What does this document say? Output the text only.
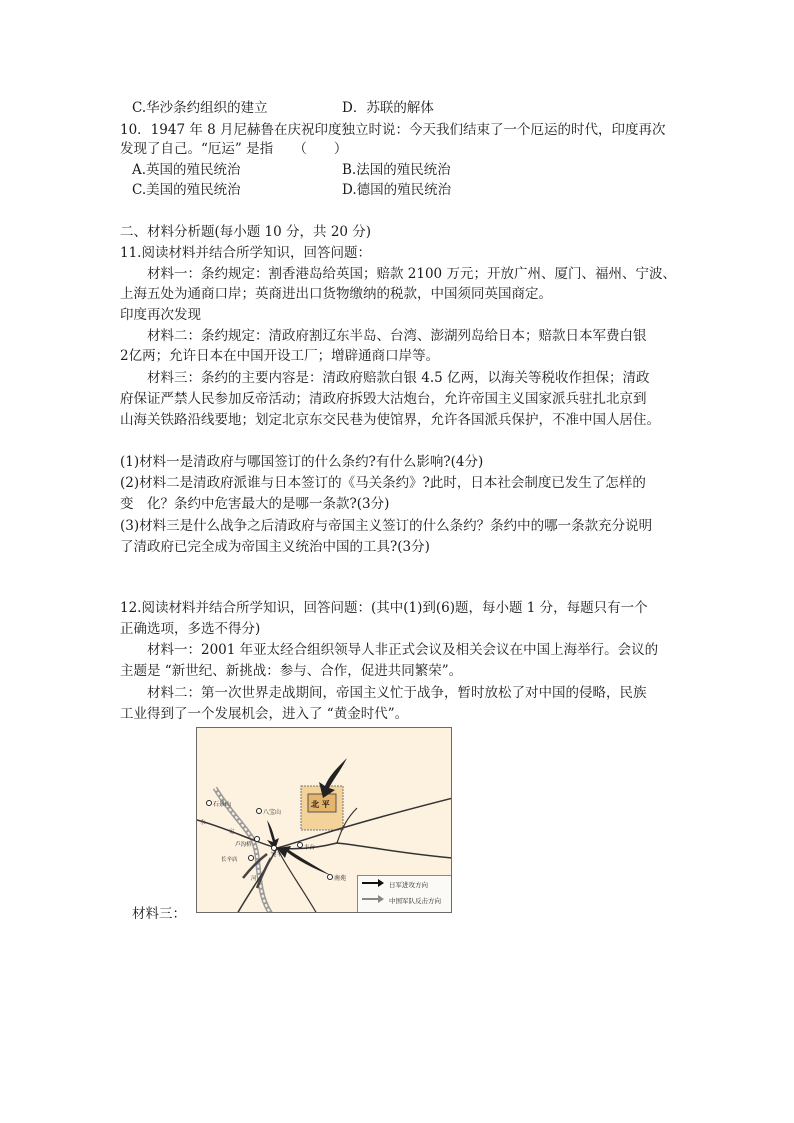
C.华沙条约组织的建立	D．苏联的解体
10．1947 年 8 月尼赫鲁在庆祝印度独立时说：今天我们结束了一个厄运的时代，印度再次
发现了自己。“厄运” 是指　　（　　）
A.英国的殖民统治	B.法国的殖民统治
C.美国的殖民统治	D.德国的殖民统治
二、材料分析题(每小题 10 分，共 20 分)
11.阅读材料并结合所学知识，回答问题：
材料一：条约规定：割香港岛给英国；赔款 2100 万元；开放广州、厦门、福州、宁波、
上海五处为通商口岸；英商进出口货物缴纳的税款，中国须同英国商定。
印度再次发现
材料二：条约规定：清政府割辽东半岛、台湾、澎湖列岛给日本；赔款日本军费白银
2亿两；允许日本在中国开设工厂；增辟通商口岸等。
材料三：条约的主要内容是：清政府赔款白银 4.5 亿两，以海关等税收作担保；清政
府保证严禁人民参加反帝活动；清政府拆毁大沽炮台，允许帝国主义国家派兵驻扎北京到
山海关铁路沿线要地；划定北京东交民巷为使馆界，允许各国派兵保护，不准中国人居住。
(1)材料一是清政府与哪国签订的什么条约?有什么影响?(4分)
(2)材料二是清政府派谁与日本签订的《马关条约》?此时，日本社会制度已发生了怎样的
变　化？条约中危害最大的是哪一条款?(3分)
(3)材料三是什么战争之后清政府与帝国主义签订的什么条约？条约中的哪一条款充分说明
了清政府已完全成为帝国主义统治中国的工具?(3分)
12.阅读材料并结合所学知识，回答问题：(其中(1)到(6)题，每小题 1 分，每题只有一个
正确选项，多选不得分)
材料一：2001 年亚太经合组织领导人非正式会议及相关会议在中国上海举行。会议的
主题是 “新世纪、新挑战：参与、合作，促进共同繁荣”。
材料二：第一次世界走战期间，帝国主义忙于战争，暂时放松了对中国的侵略，民族
工业得到了一个发展机会，进入了 “黄金时代”。
材料三：
北 平
石景山
八宝山
卢沟桥
宛平
丰台
长辛店
南苑
永
定
河
日军进攻方向
中国军队反击方向
